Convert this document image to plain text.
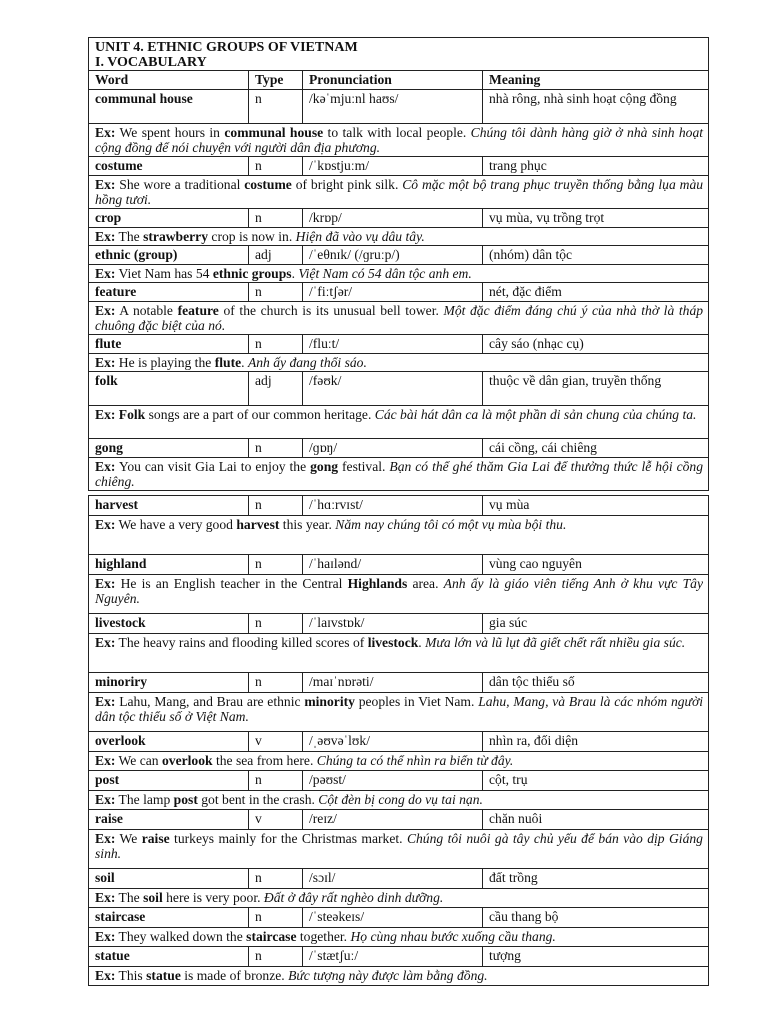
UNIT 4. ETHNIC GROUPS OF VIETNAM
I. VOCABULARY			

Word	Type	Pronunciation	Meaning
communal house	n	/kəˈmjuːnl haʊs/	nhà rông, nhà sinh hoạt cộng đồng
Ex: We spent hours in communal house to talk with local people. Chúng tôi dành hàng giờ ở nhà sinh hoạt cộng đồng để nói chuyện với người dân địa phương.			
costume	n	/ˈkɒstjuːm/	trang phục
Ex: She wore a traditional costume of bright pink silk. Cô mặc một bộ trang phục truyền thống bằng lụa màu hồng tươi.			
crop	n	/krɒp/	vụ mùa, vụ trồng trọt
Ex: The strawberry crop is now in. Hiện đã vào vụ dâu tây.			
ethnic (group)	adj	/ˈeθnɪk/ (/ɡruːp/)	(nhóm) dân tộc
Ex: Viet Nam has 54 ethnic groups. Việt Nam có 54 dân tộc anh em.			
feature	n	/ˈfiːtʃər/	nét, đặc điểm
Ex: A notable feature of the church is its unusual bell tower. Một đặc điểm đáng chú ý của nhà thờ là tháp chuông đặc biệt của nó.			
flute	n	/fluːt/	cây sáo (nhạc cụ)
Ex: He is playing the flute. Anh ấy đang thổi sáo.			
folk	adj	/fəʊk/	thuộc về dân gian, truyền thống
Ex: Folk songs are a part of our common heritage. Các bài hát dân ca là một phần di sản chung của chúng ta.			
gong	n	/ɡɒŋ/	cái cồng, cái chiêng
Ex: You can visit Gia Lai to enjoy the gong festival. Bạn có thể ghé thăm Gia Lai để thưởng thức lễ hội cồng chiêng.			
harvest	n	/ˈhɑːrvɪst/	vụ mùa
Ex: We have a very good harvest this year. Năm nay chúng tôi có một vụ mùa bội thu.			
highland	n	/ˈhaɪlənd/	vùng cao nguyên
Ex: He is an English teacher in the Central Highlands area. Anh ấy là giáo viên tiếng Anh ở khu vực Tây Nguyên.			
livestock	n	/ˈlaɪvstɒk/	gia súc
Ex: The heavy rains and flooding killed scores of livestock. Mưa lớn và lũ lụt đã giết chết rất nhiều gia súc.			
minoriry	n	/maɪˈnɒrəti/	dân tộc thiểu số
Ex: Lahu, Mang, and Brau are ethnic minority peoples in Viet Nam. Lahu, Mang, và Brau là các nhóm người dân tộc thiểu số ở Việt Nam.			
overlook	v	/ˌəʊvəˈlʊk/	nhìn ra, đối diện
Ex: We can overlook the sea from here. Chúng ta có thể nhìn ra biển từ đây.			
post	n	/pəʊst/	cột, trụ
Ex: The lamp post got bent in the crash. Cột đèn bị cong do vụ tai nạn.			
raise	v	/reɪz/	chăn nuôi
Ex: We raise turkeys mainly for the Christmas market. Chúng tôi nuôi gà tây chủ yếu để bán vào dịp Giáng sinh.			
soil	n	/sɔɪl/	đất trồng
Ex: The soil here is very poor. Đất ở đây rất nghèo dinh dưỡng.			
staircase	n	/ˈsteəkeɪs/	cầu thang bộ
Ex: They walked down the staircase together. Họ cùng nhau bước xuống cầu thang.			
statue	n	/ˈstætʃuː/	tượng
Ex: This statue is made of bronze. Bức tượng này được làm bằng đồng.			
